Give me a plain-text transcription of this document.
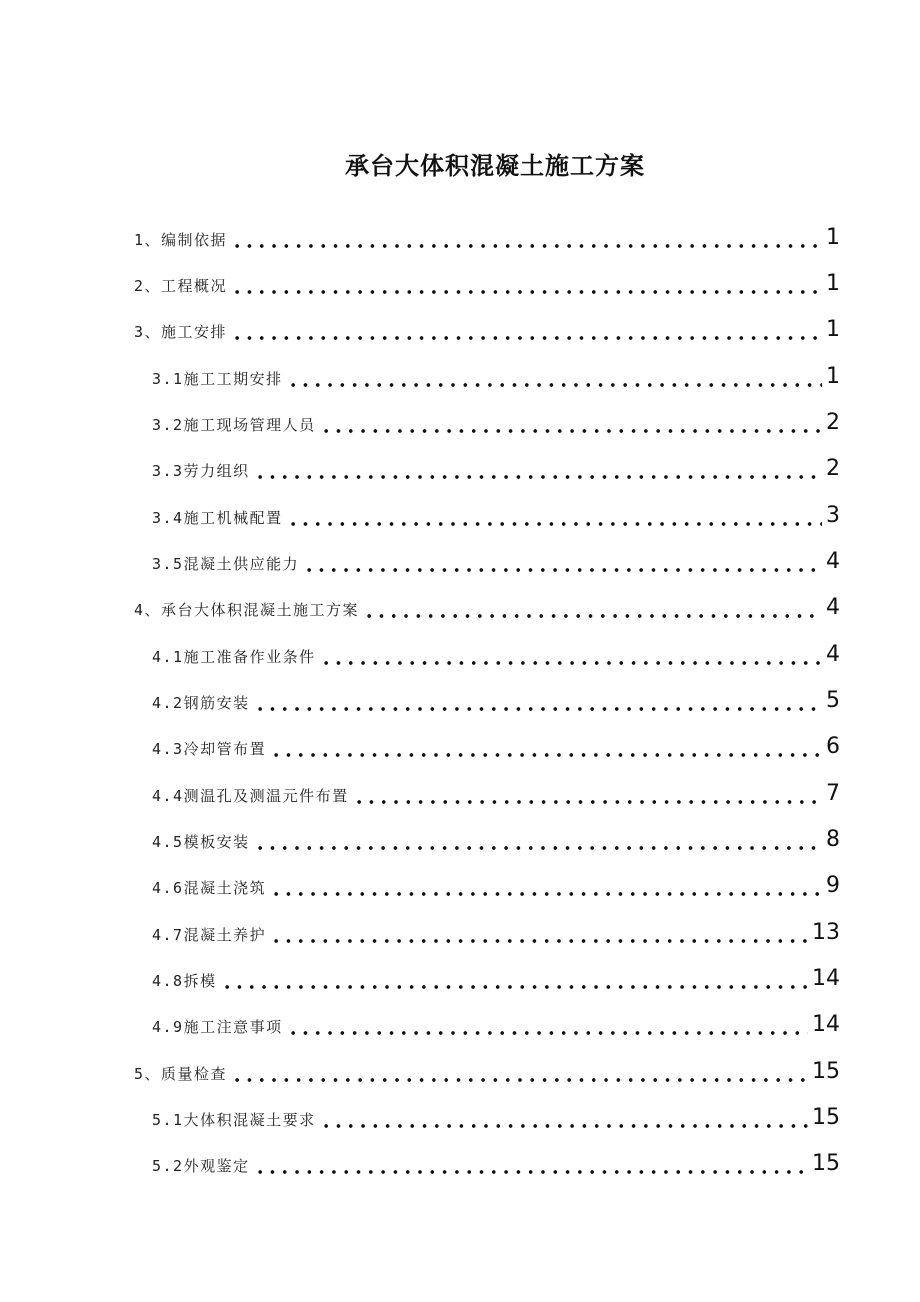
承台大体积混凝土施工方案
1、编制依据	1
2、工程概况	1
3、施工安排	1
3.1施工工期安排	1
3.2施工现场管理人员	2
3.3劳力组织	2
3.4施工机械配置	3
3.5混凝土供应能力	4
4、承台大体积混凝土施工方案	4
4.1施工准备作业条件	4
4.2钢筋安装	5
4.3冷却管布置	6
4.4测温孔及测温元件布置	7
4.5模板安装	8
4.6混凝土浇筑	9
4.7混凝土养护	13
4.8拆模	14
4.9施工注意事项	14
5、质量检查	15
5.1大体积混凝土要求	15
5.2外观鉴定	15
